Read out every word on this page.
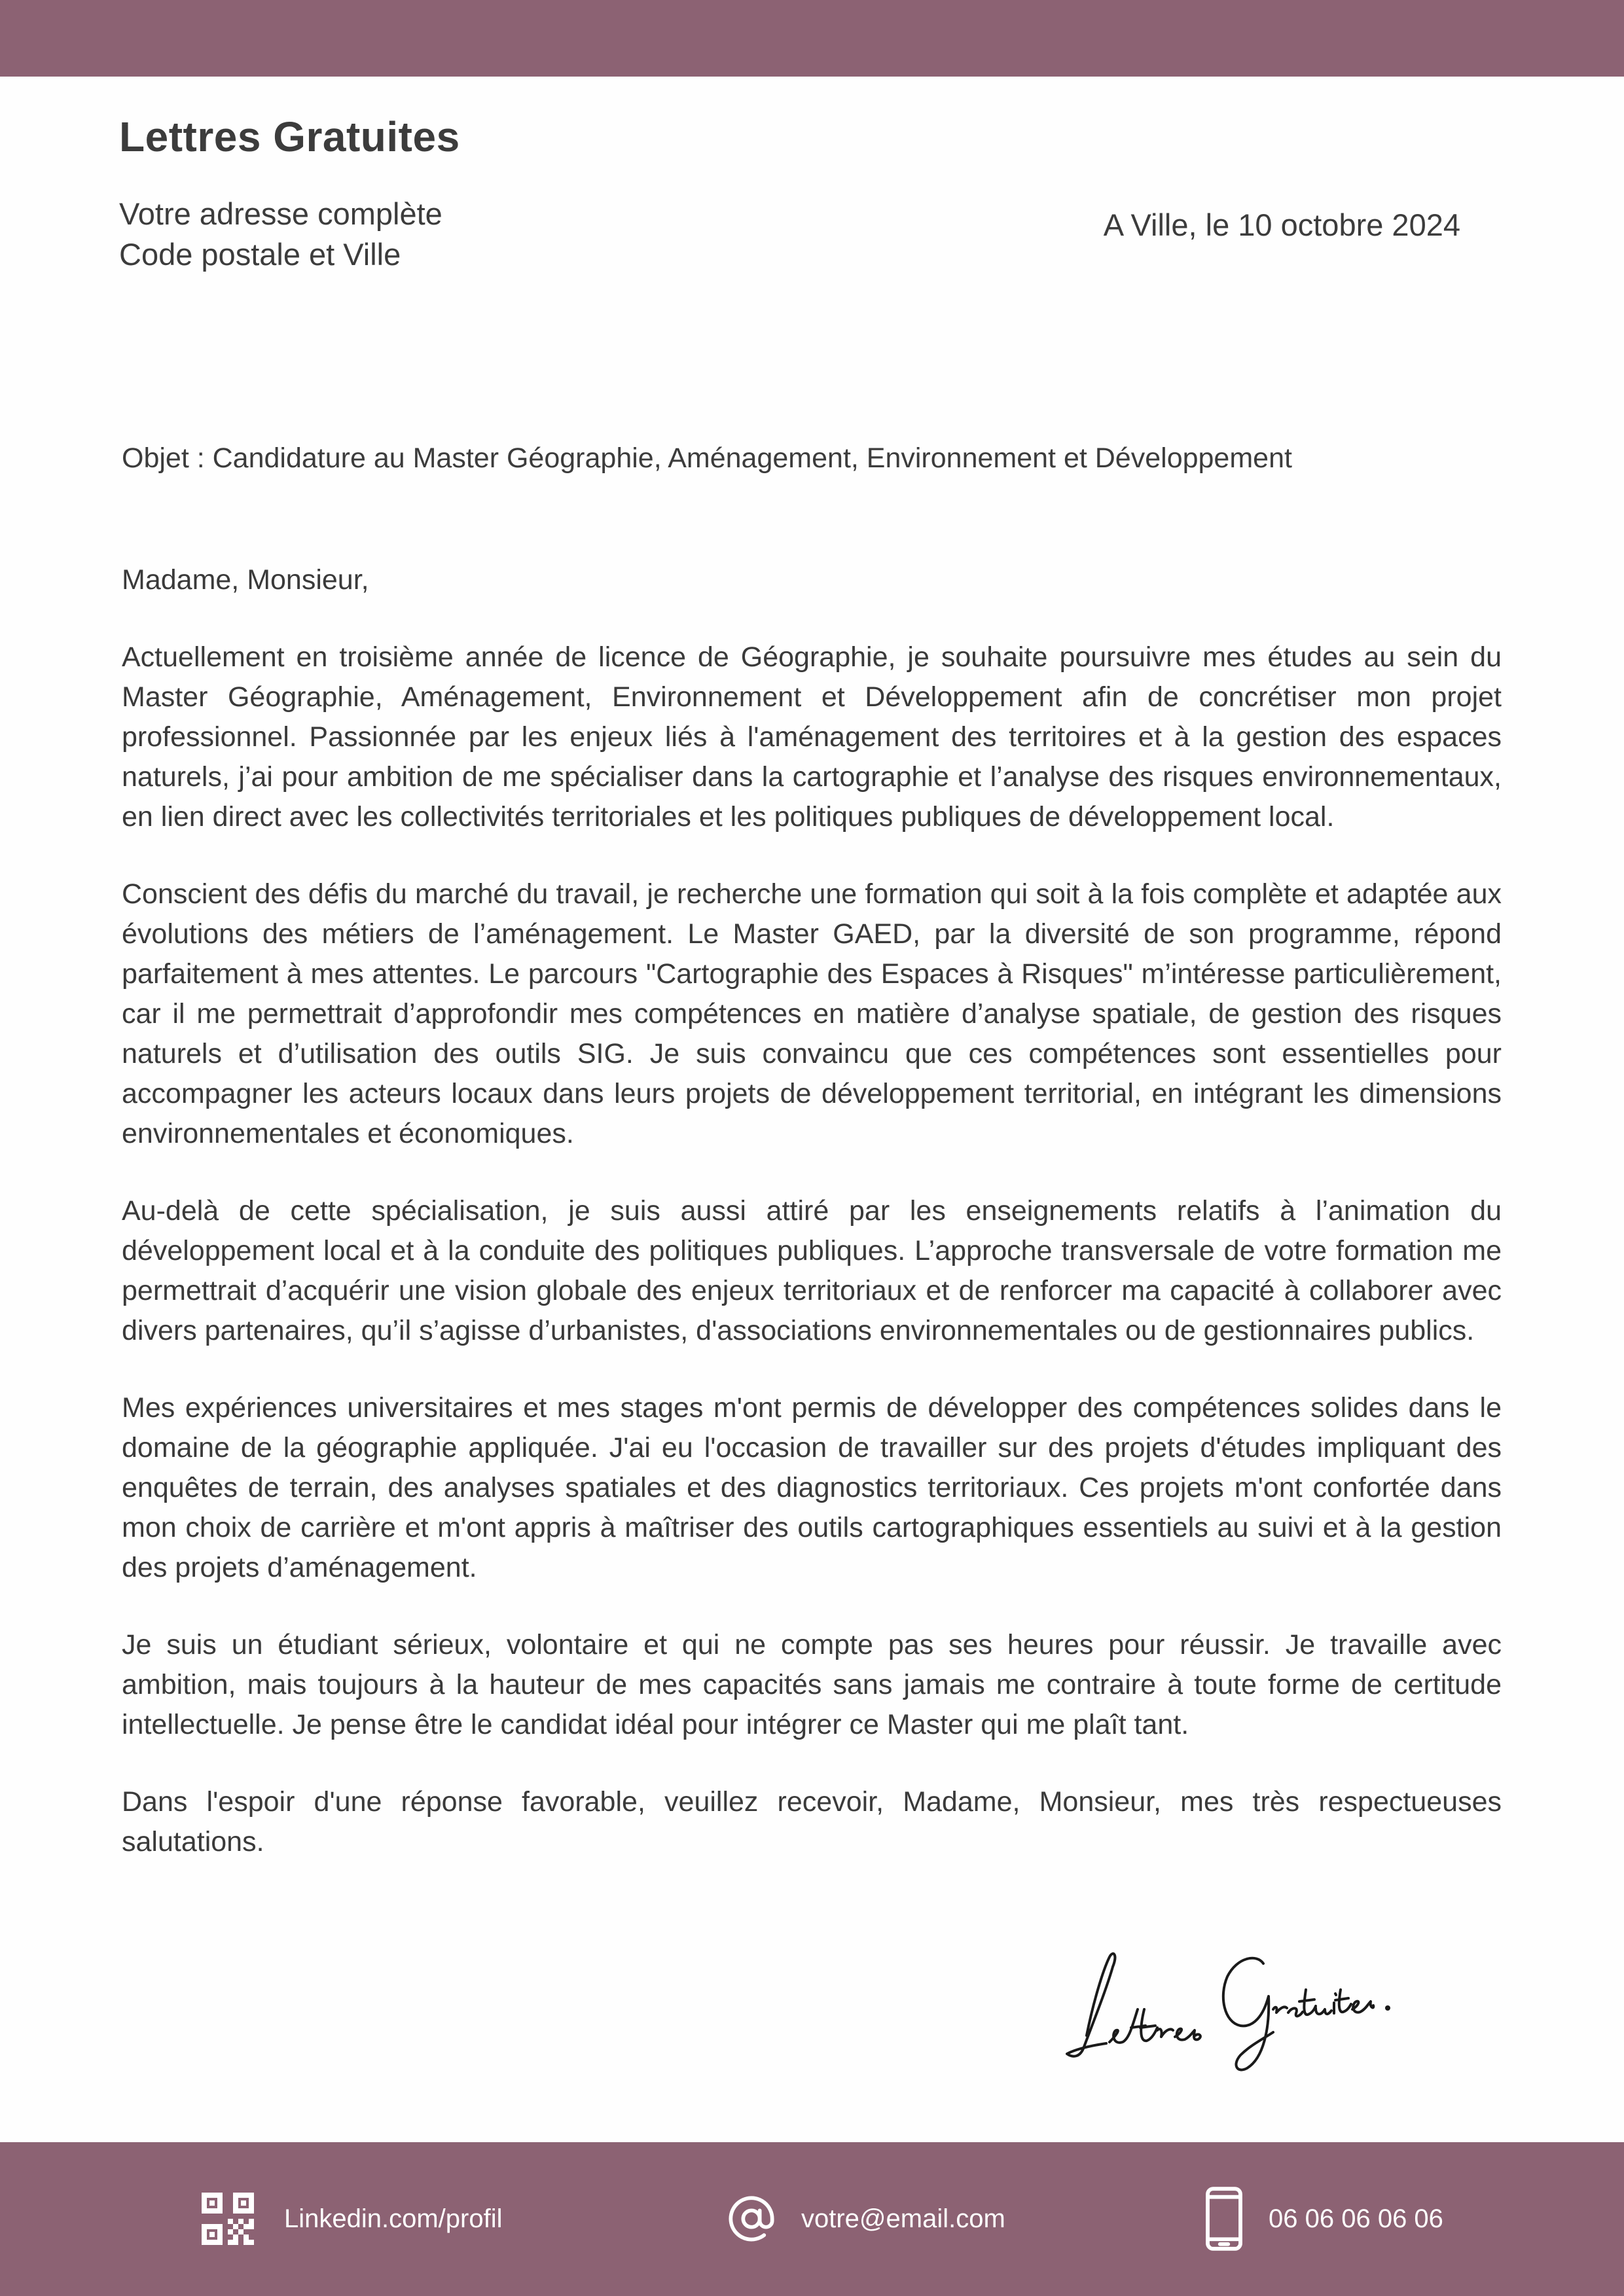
Lettres Gratuites
Votre adresse complète
Code postale et Ville
A Ville, le 10 octobre 2024
Objet : Candidature au Master Géographie, Aménagement, Environnement et Développement

Madame, Monsieur,

Actuellement en troisième année de licence de Géographie, je souhaite poursuivre mes études au sein du Master Géographie, Aménagement, Environnement et Développement afin de concrétiser mon projet professionnel. Passionnée par les enjeux liés à l'aménagement des territoires et à la gestion des espaces naturels, j’ai pour ambition de me spécialiser dans la cartographie et l’analyse des risques environnementaux, en lien direct avec les collectivités territoriales et les politiques publiques de développement local.

Conscient des défis du marché du travail, je recherche une formation qui soit à la fois complète et adaptée aux évolutions des métiers de l’aménagement. Le Master GAED, par la diversité de son programme, répond parfaitement à mes attentes. Le parcours "Cartographie des Espaces à Risques" m’intéresse particulièrement, car il me permettrait d’approfondir mes compétences en matière d’analyse spatiale, de gestion des risques naturels et d’utilisation des outils SIG. Je suis convaincu que ces compétences sont essentielles pour accompagner les acteurs locaux dans leurs projets de développement territorial, en intégrant les dimensions environnementales et économiques.

Au-delà de cette spécialisation, je suis aussi attiré par les enseignements relatifs à l’animation du développement local et à la conduite des politiques publiques. L’approche transversale de votre formation me permettrait d’acquérir une vision globale des enjeux territoriaux et de renforcer ma capacité à collaborer avec divers partenaires, qu’il s’agisse d’urbanistes, d'associations environnementales ou de gestionnaires publics.

Mes expériences universitaires et mes stages m'ont permis de développer des compétences solides dans le domaine de la géographie appliquée. J'ai eu l'occasion de travailler sur des projets d'études impliquant des enquêtes de terrain, des analyses spatiales et des diagnostics territoriaux. Ces projets m'ont confortée dans mon choix de carrière et m'ont appris à maîtriser des outils cartographiques essentiels au suivi et à la gestion des projets d’aménagement.

Je suis un étudiant sérieux, volontaire et qui ne compte pas ses heures pour réussir. Je travaille avec ambition, mais toujours à la hauteur de mes capacités sans jamais me contraire à toute forme de certitude intellectuelle. Je pense être le candidat idéal pour intégrer ce Master qui me plaît tant.

Dans l'espoir d'une réponse favorable, veuillez recevoir, Madame, Monsieur, mes très respectueuses salutations.

Linkedin.com/profil	votre@email.com	06 06 06 06 06
